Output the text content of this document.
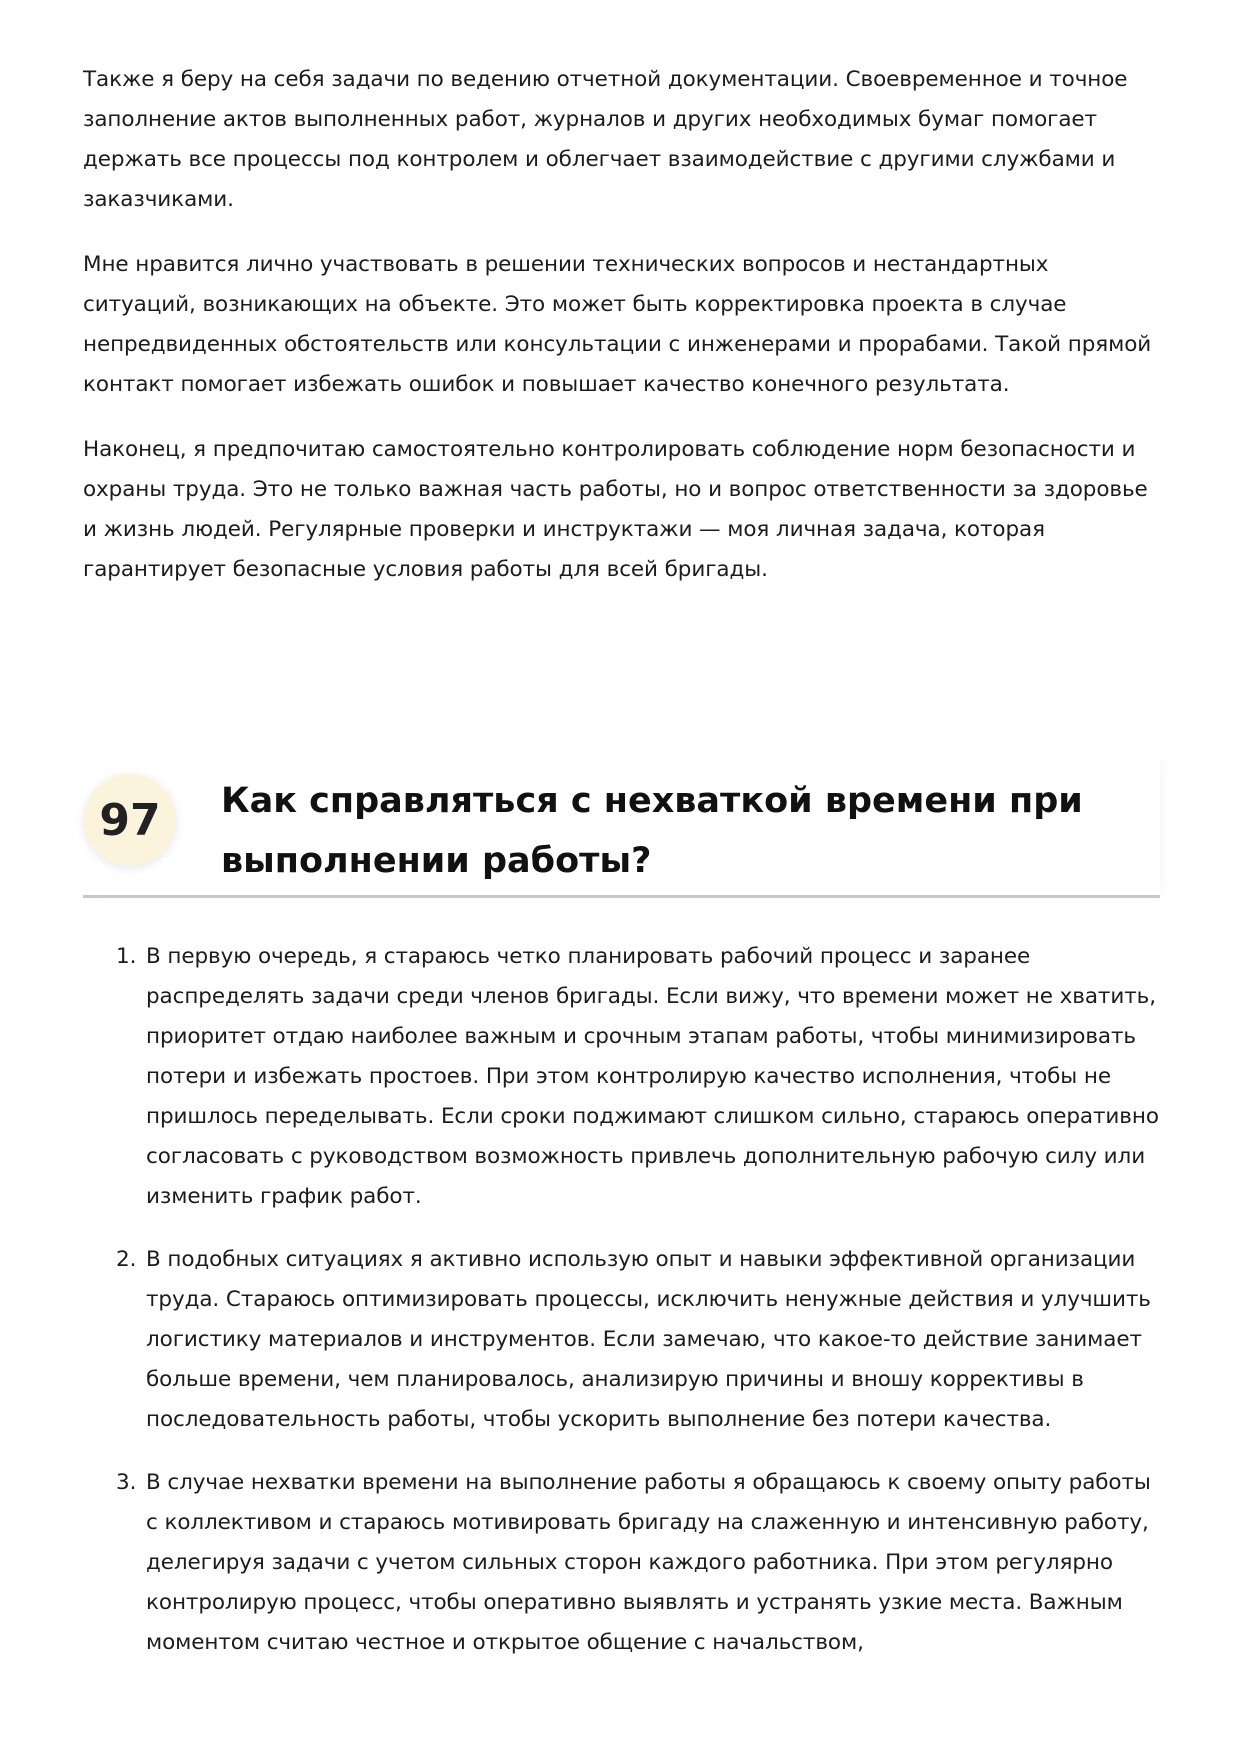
Также я беру на себя задачи по ведению отчетной документации. Своевременное и точное заполнение актов выполненных работ, журналов и других необходимых бумаг помогает держать все процессы под контролем и облегчает взаимодействие с другими службами и заказчиками.

Мне нравится лично участвовать в решении технических вопросов и нестандартных ситуаций, возникающих на объекте. Это может быть корректировка проекта в случае непредвиденных обстоятельств или консультации с инженерами и прорабами. Такой прямой контакт помогает избежать ошибок и повышает качество конечного результата.

Наконец, я предпочитаю самостоятельно контролировать соблюдение норм безопасности и охраны труда. Это не только важная часть работы, но и вопрос ответственности за здоровье и жизнь людей. Регулярные проверки и инструктажи — моя личная задача, которая гарантирует безопасные условия работы для всей бригады.

97	Как справляться с нехваткой времени при выполнении работы?
1. В первую очередь, я стараюсь четко планировать рабочий процесс и заранее распределять задачи среди членов бригады. Если вижу, что времени может не хватить, приоритет отдаю наиболее важным и срочным этапам работы, чтобы минимизировать потери и избежать простоев. При этом контролирую качество исполнения, чтобы не пришлось переделывать. Если сроки поджимают слишком сильно, стараюсь оперативно согласовать с руководством возможность привлечь дополнительную рабочую силу или изменить график работ.
2. В подобных ситуациях я активно использую опыт и навыки эффективной организации труда. Стараюсь оптимизировать процессы, исключить ненужные действия и улучшить логистику материалов и инструментов. Если замечаю, что какое-то действие занимает больше времени, чем планировалось, анализирую причины и вношу коррективы в последовательность работы, чтобы ускорить выполнение без потери качества.
3. В случае нехватки времени на выполнение работы я обращаюсь к своему опыту работы с коллективом и стараюсь мотивировать бригаду на слаженную и интенсивную работу, делегируя задачи с учетом сильных сторон каждого работника. При этом регулярно контролирую процесс, чтобы оперативно выявлять и устранять узкие места. Важным моментом считаю честное и открытое общение с начальством,
